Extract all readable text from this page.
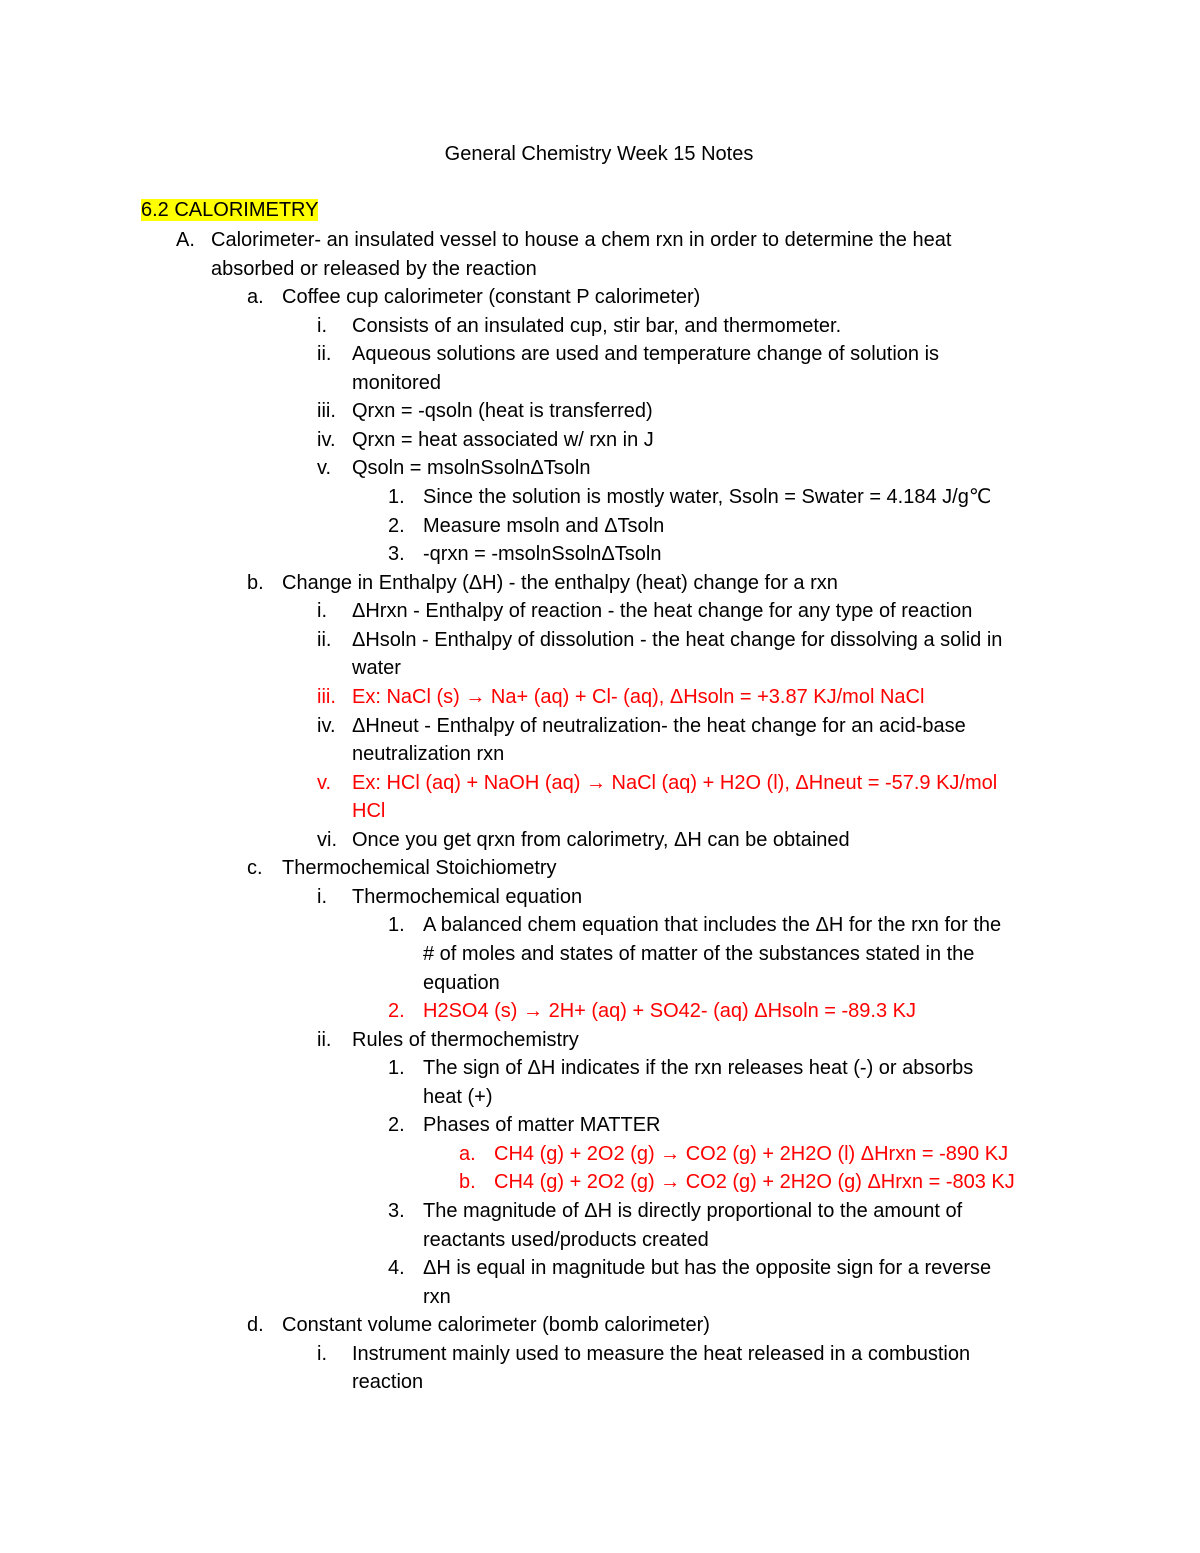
General Chemistry Week 15 Notes
6.2 CALORIMETRY
A. Calorimeter- an insulated vessel to house a chem rxn in order to determine the heat
absorbed or released by the reaction
a. Coffee cup calorimeter (constant P calorimeter)
i. Consists of an insulated cup, stir bar, and thermometer.
ii. Aqueous solutions are used and temperature change of solution is
monitored
iii. Qrxn = -qsoln (heat is transferred)
iv. Qrxn = heat associated w/ rxn in J
v. Qsoln = msolnSsolnΔTsoln
1. Since the solution is mostly water, Ssoln = Swater = 4.184 J/g℃
2. Measure msoln and ΔTsoln
3. -qrxn = -msolnSsolnΔTsoln
b. Change in Enthalpy (ΔH) - the enthalpy (heat) change for a rxn
i. ΔHrxn - Enthalpy of reaction - the heat change for any type of reaction
ii. ΔHsoln - Enthalpy of dissolution - the heat change for dissolving a solid in
water
iii. Ex: NaCl (s) → Na+ (aq) + Cl- (aq), ΔHsoln = +3.87 KJ/mol NaCl
iv. ΔHneut - Enthalpy of neutralization- the heat change for an acid-base
neutralization rxn
v. Ex: HCl (aq) + NaOH (aq) → NaCl (aq) + H2O (l), ΔHneut = -57.9 KJ/mol
HCl
vi. Once you get qrxn from calorimetry, ΔH can be obtained
c. Thermochemical Stoichiometry
i. Thermochemical equation
1. A balanced chem equation that includes the ΔH for the rxn for the
# of moles and states of matter of the substances stated in the
equation
2. H2SO4 (s) → 2H+ (aq) + SO42- (aq) ΔHsoln = -89.3 KJ
ii. Rules of thermochemistry
1. The sign of ΔH indicates if the rxn releases heat (-) or absorbs
heat (+)
2. Phases of matter MATTER
a. CH4 (g) + 2O2 (g) → CO2 (g) + 2H2O (l) ΔHrxn = -890 KJ
b. CH4 (g) + 2O2 (g) → CO2 (g) + 2H2O (g) ΔHrxn = -803 KJ
3. The magnitude of ΔH is directly proportional to the amount of
reactants used/products created
4. ΔH is equal in magnitude but has the opposite sign for a reverse
rxn
d. Constant volume calorimeter (bomb calorimeter)
i. Instrument mainly used to measure the heat released in a combustion
reaction
